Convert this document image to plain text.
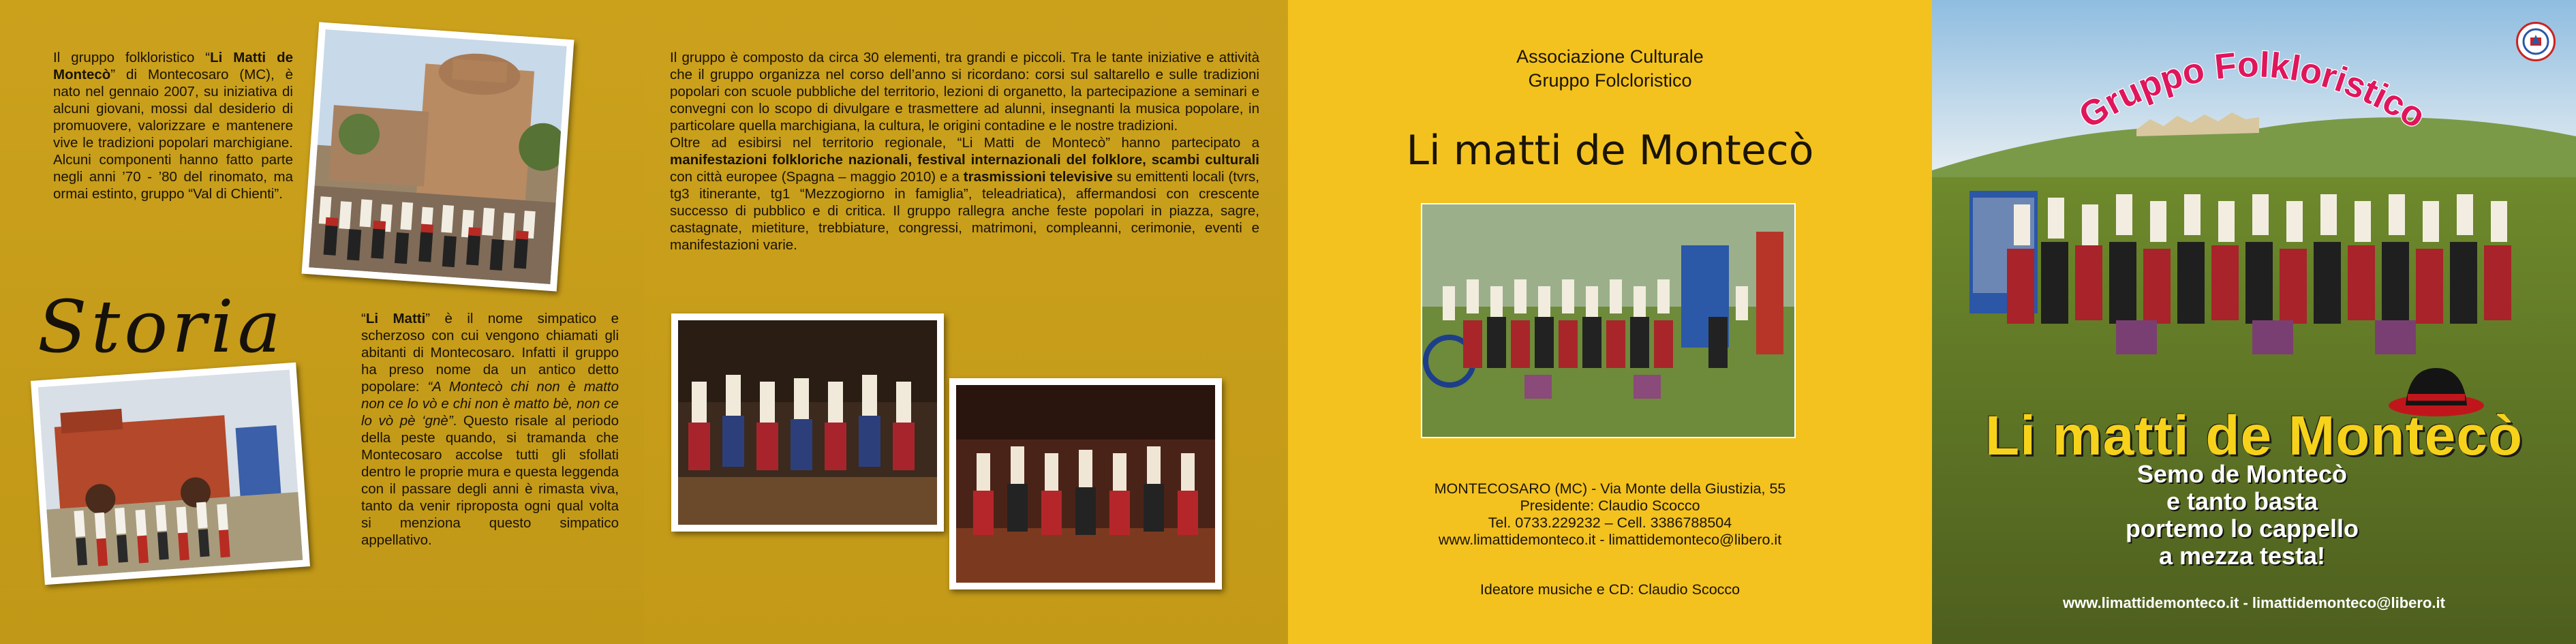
Il gruppo folkloristico “Li Matti de Montecò” di Montecosaro (MC), è nato nel gennaio 2007, su iniziativa di alcuni giovani, mossi dal desiderio di promuovere, valorizzare e mantenere vive le tradizioni popolari marchigiane. Alcuni componenti hanno fatto parte negli anni ’70 - ’80 del rinomato, ma ormai estinto, gruppo “Val di Chienti”.
Storia	“Li Matti” è il nome simpatico e scherzoso con cui vengono chiamati gli abitanti di Montecosaro. Infatti il gruppo ha preso nome da un antico detto popolare: “A Montecò chi non è matto non ce lo vò e chi non è matto bè, non ce lo vò pè ‘gnè”. Questo risale al periodo della peste quando, si tramanda che Montecosaro accolse tutti gli sfollati dentro le proprie mura e questa leggenda con il passare degli anni è rimasta viva, tanto da venir riproposta ogni qual volta si menziona questo simpatico appellativo.
Il gruppo è composto da circa 30 elementi, tra grandi e piccoli. Tra le tante iniziative e attività che il gruppo organizza nel corso dell’anno si ricordano: corsi sul saltarello e sulle tradizioni popolari con scuole pubbliche del territorio, lezioni di organetto, la partecipazione a seminari e convegni con lo scopo di divulgare e trasmettere ad alunni, insegnanti la musica popolare, in particolare quella marchigiana, la cultura, le origini contadine e le nostre tradizioni.
Oltre ad esibirsi nel territorio regionale, “Li Matti de Montecò” hanno partecipato a manifestazioni folkloriche nazionali, festival internazionali del folklore, scambi culturali con città europee (Spagna – maggio 2010) e a trasmissioni televisive su emittenti locali (tvrs, tg3 itinerante, tg1 “Mezzogiorno in famiglia”, teleadriatica), affermandosi con crescente successo di pubblico e di critica. Il gruppo rallegra anche feste popolari in piazza, sagre, castagnate, mietiture, trebbiature, congressi, matrimoni, compleanni, cerimonie, eventi e manifestazioni varie.
Associazione Culturale
Gruppo Folcloristico
Li matti de Montecò
MONTECOSARO (MC) - Via Monte della Giustizia, 55
Presidente: Claudio Scocco
Tel. 0733.229232 – Cell. 3386788504
www.limattidemonteco.it - limattidemonteco@libero.it
Ideatore musiche e CD: Claudio Scocco
Gruppo Folkloristico
Li matti de Montecò
Semo de Montecò
e tanto basta
portemo lo cappello
a mezza testa!
www.limattidemonteco.it - limattidemonteco@libero.it
